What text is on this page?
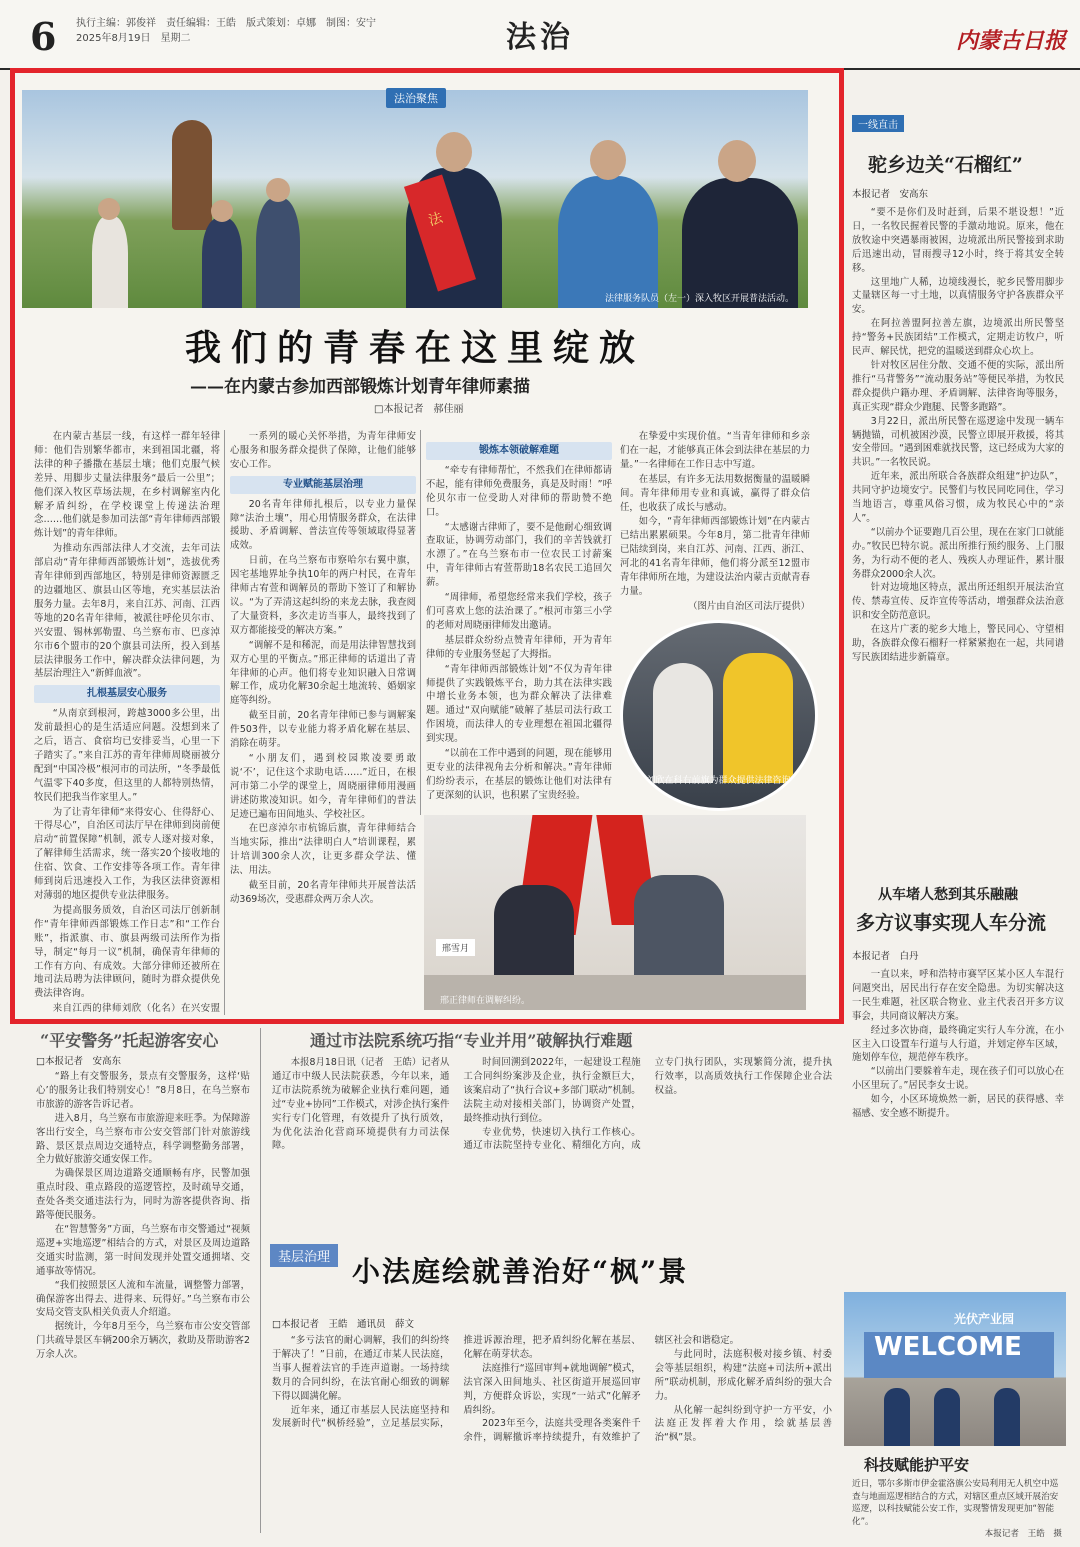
6 执行主编：郭俊祥　责任编辑：王皓　版式策划：卓娜　制图：安宁
2025年8月19日　星期二	法治	内蒙古日报
法
法律服务队员（左一）深入牧区开展普法活动。
法治聚焦
我们的青春在这里绽放
——在内蒙古参加西部锻炼计划青年律师素描
□本报记者　郝佳丽

在内蒙古基层一线，有这样一群年轻律师：他们告别繁华都市，来到祖国北疆，将法律的种子播撒在基层土壤；他们克服气候差异、用脚步丈量法律服务“最后一公里”；他们深入牧区草场法规，在乡村调解室内化解矛盾纠纷，在学校课堂上传递法治理念……他们就是参加司法部“青年律师西部锻炼计划”的青年律师。

为推动东西部法律人才交流，去年司法部启动“青年律师西部锻炼计划”，选拔优秀青年律师到西部地区，特别是律师资源匮乏的边疆地区、旗县山区等地，充实基层法治服务力量。去年8月，来自江苏、河南、江西等地的20名青年律师，被派往呼伦贝尔市、兴安盟、锡林郭勒盟、乌兰察布市、巴彦淖尔市6个盟市的20个旗县司法所，投入到基层法律服务工作中，解决群众法律问题，为基层治理注入“新鲜血液”。

扎根基层安心服务

“从南京到根河，跨越3000多公里，出发前最担心的是生活适应问题。没想到来了之后，语言、食宿均已安排妥当，心里一下子踏实了。”来自江苏的青年律师周晓丽被分配到“中国冷极”根河市的司法所，“冬季最低气温零下40多度，但这里的人都特别热情，牧民们把我当作家里人。”

为了让青年律师“来得安心、住得舒心、干得尽心”，自治区司法厅早在律师到岗前便启动“前置保障”机制，派专人逐对接对象，了解律师生活需求，统一落实20个接收地的住宿、饮食、工作安排等各项工作。青年律师到岗后迅速投入工作，为我区法律资源相对薄弱的地区提供专业法律服务。

为提高服务质效，自治区司法厅创新制作“青年律师西部锻炼工作日志”和“工作台账”，指派旗、市、旗县两级司法所作为指导，制定“每月一议”机制，确保青年律师的工作有方向、有成效。大部分律师还被所在地司法局聘为法律顾问，随时为群众提供免费法律咨询。

来自江西的律师刘欣（化名）在兴安盟

一系列的暖心关怀举措，为青年律师安心服务和服务群众提供了保障，让他们能够安心工作。

专业赋能基层治理

20名青年律师扎根后，以专业力量保障“法治土壤”，用心用情服务群众，在法律援助、矛盾调解、普法宣传等领域取得显著成效。

日前，在乌兰察布市察哈尔右翼中旗，因宅基地界址争执10年的两户村民，在青年律师古宥萱和调解员的帮助下签订了和解协议。“为了弄清这起纠纷的来龙去脉，我查阅了大量资料，多次走访当事人，最终找到了双方都能接受的解决方案。”

“调解不是和稀泥，而是用法律智慧找到双方心里的平衡点。”邢正律师的话道出了青年律师的心声。他们将专业知识融入日常调解工作，成功化解30余起土地流转、婚姻家庭等纠纷。

截至目前，20名青年律师已参与调解案件503件，以专业能力将矛盾化解在基层、消除在萌芽。

“小朋友们，遇到校园欺凌要勇敢说‘不’，记住这个求助电话……”近日，在根河市第二小学的课堂上，周晓丽律师用漫画讲述防欺凌知识。如今，青年律师们的普法足迹已遍布田间地头、学校社区。

在巴彦淖尔市杭锦后旗，青年律师结合当地实际，推出“法律明白人”培训课程，累计培训300余人次，让更多群众学法、懂法、用法。

截至目前，20名青年律师共开展普法活动369场次，受惠群众两万余人次。

锻炼本领破解难题

“牵专有律师帮忙，不然我们在律师都请不起，能有律师免费服务，真是及时雨！”呼伦贝尔市一位受助人对律师的帮助赞不绝口。

“太感谢古律师了，要不是他耐心细致调查取证，协调劳动部门，我们的辛苦钱就打水漂了。”在乌兰察布市一位农民工讨薪案中，青年律师古宥萱帮助18名农民工追回欠薪。

“周律师，希望您经常来我们学校，孩子们可喜欢上您的法治课了。”根河市第三小学的老师对周晓丽律师发出邀请。

基层群众纷纷点赞青年律师，开为青年律师的专业服务竖起了大拇指。

“青年律师西部锻炼计划”不仅为青年律师提供了实践锻炼平台，助力其在法律实践中增长业务本领，也为群众解决了法律难题。通过“双向赋能”破解了基层司法行政工作困境，而法律人的专业理想在祖国北疆得到实现。

“以前在工作中遇到的问题，现在能够用更专业的法律视角去分析和解决。”青年律师们纷纷表示，在基层的锻炼让他们对法律有了更深刻的认识，也积累了宝贵经验。

在挚爱中实现价值。“当青年律师和乡亲们在一起，才能够真正体会到法律在基层的力量。”一名律师在工作日志中写道。

在基层，有许多无法用数据衡量的温暖瞬间。青年律师用专业和真诚，赢得了群众信任，也收获了成长与感动。

如今，“青年律师西部锻炼计划”在内蒙古已结出累累硕果。今年8月，第二批青年律师已陆续到岗，来自江苏、河南、江西、浙江、河北的41名青年律师，他们将分派至12盟市青年律师所在地，为建设法治内蒙古贡献青春力量。

（图片由自治区司法厅提供）

刘欣在科右前旗为群众提供法律咨询。
邢雪月
邢正律师在调解纠纷。
一线直击
驼乡边关“石榴红”
本报记者　安高东

“要不是你们及时赶到，后果不堪设想！”近日，一名牧民握着民警的手激动地说。原来，他在放牧途中突遇暴雨被困，边境派出所民警接到求助后迅速出动，冒雨搜寻12小时，终于将其安全转移。

这里地广人稀，边境线漫长，驼乡民警用脚步丈量辖区每一寸土地，以真情服务守护各族群众平安。

在阿拉善盟阿拉善左旗，边境派出所民警坚持“警务+民族团结”工作模式，定期走访牧户，听民声、解民忧，把党的温暖送到群众心坎上。

针对牧区居住分散、交通不便的实际，派出所推行“马背警务”“流动服务站”等便民举措，为牧民群众提供户籍办理、矛盾调解、法律咨询等服务，真正实现“群众少跑腿、民警多跑路”。

3月22日，派出所民警在巡逻途中发现一辆车辆抛锚，司机被困沙漠，民警立即展开救援，将其安全带回。“遇到困难就找民警，这已经成为大家的共识。”一名牧民说。

近年来，派出所联合各族群众组建“护边队”，共同守护边境安宁。民警们与牧民同吃同住，学习当地语言，尊重风俗习惯，成为牧民心中的“亲人”。

“以前办个证要跑几百公里，现在在家门口就能办。”牧民巴特尔说。派出所推行预约服务、上门服务，为行动不便的老人、残疾人办理证件，累计服务群众2000余人次。

针对边境地区特点，派出所还组织开展法治宣传、禁毒宣传、反诈宣传等活动，增强群众法治意识和安全防范意识。

在这片广袤的驼乡大地上，警民同心、守望相助，各族群众像石榴籽一样紧紧抱在一起，共同谱写民族团结进步新篇章。

从车堵人愁到其乐融融
多方议事实现人车分流
本报记者　白丹

一直以来，呼和浩特市赛罕区某小区人车混行问题突出，居民出行存在安全隐患。为切实解决这一民生难题，社区联合物业、业主代表召开多方议事会，共同商议解决方案。

经过多次协商，最终确定实行人车分流，在小区主入口设置车行道与人行道，并划定停车区域，施划停车位，规范停车秩序。

“以前出门要躲着车走，现在孩子们可以放心在小区里玩了。”居民李女士说。

如今，小区环境焕然一新，居民的获得感、幸福感、安全感不断提升。

“平安警务”托起游客安心
□本报记者　安高东

“路上有交警服务，景点有交警服务，这样‘贴心’的服务让我们特别安心！”8月8日，在乌兰察布市旅游的游客告诉记者。

进入8月，乌兰察布市旅游迎来旺季。为保障游客出行安全，乌兰察布市公安交管部门针对旅游线路、景区景点周边交通特点，科学调整勤务部署，全力做好旅游交通安保工作。

为确保景区周边道路交通顺畅有序，民警加强重点时段、重点路段的巡逻管控，及时疏导交通，查处各类交通违法行为，同时为游客提供咨询、指路等便民服务。

在“智慧警务”方面，乌兰察布市交警通过“视频巡逻+实地巡逻”相结合的方式，对景区及周边道路交通实时监测，第一时间发现并处置交通拥堵、交通事故等情况。

“我们按照景区人流和车流量，调整警力部署，确保游客出得去、进得来、玩得好。”乌兰察布市公安局交管支队相关负责人介绍道。

据统计，今年8月至今，乌兰察布市公安交管部门共疏导景区车辆200余万辆次，救助及帮助游客2万余人次。

通过市法院系统巧指“专业并用”破解执行难题

本报8月18日讯（记者　王皓）记者从通辽市中级人民法院获悉，今年以来，通辽市法院系统为破解企业执行难问题，通过“专业+协同”工作模式，对涉企执行案件实行专门化管理，有效提升了执行质效，为优化法治化营商环境提供有力司法保障。

时间回溯到2022年，一起建设工程施工合同纠纷案涉及企业，执行金额巨大，该案启动了“执行合议+多部门联动”机制。法院主动对接相关部门，协调资产处置，最终推动执行到位。

专业优势，快速切入执行工作核心。通辽市法院坚持专业化、精细化方向，成立专门执行团队，实现繁简分流，提升执行效率，以高质效执行工作保障企业合法权益。

基层治理 小法庭绘就善治好“枫”景
□本报记者　王皓　通讯员　薛文

“多亏法官的耐心调解，我们的纠纷终于解决了！”日前，在通辽市某人民法庭，当事人握着法官的手连声道谢。一场持续数月的合同纠纷，在法官耐心细致的调解下得以圆满化解。

近年来，通辽市基层人民法庭坚持和发展新时代“枫桥经验”，立足基层实际，推进诉源治理，把矛盾纠纷化解在基层、化解在萌芽状态。

法庭推行“巡回审判+就地调解”模式，法官深入田间地头、社区街道开展巡回审判，方便群众诉讼，实现“一站式”化解矛盾纠纷。

2023年至今，法庭共受理各类案件千余件，调解撤诉率持续提升，有效维护了辖区社会和谐稳定。

与此同时，法庭积极对接乡镇、村委会等基层组织，构建“法庭+司法所+派出所”联动机制，形成化解矛盾纠纷的强大合力。

从化解一起纠纷到守护一方平安，小法庭正发挥着大作用，绘就基层善治“枫”景。

WELCOME
光伏产业园
科技赋能护平安
近日，鄂尔多斯市伊金霍洛旗公安局利用无人机空中巡查与地面巡逻相结合的方式，对辖区重点区域开展治安巡逻，以科技赋能公安工作，实现警情发现更加“智能化”。
本报记者　王皓　摄
